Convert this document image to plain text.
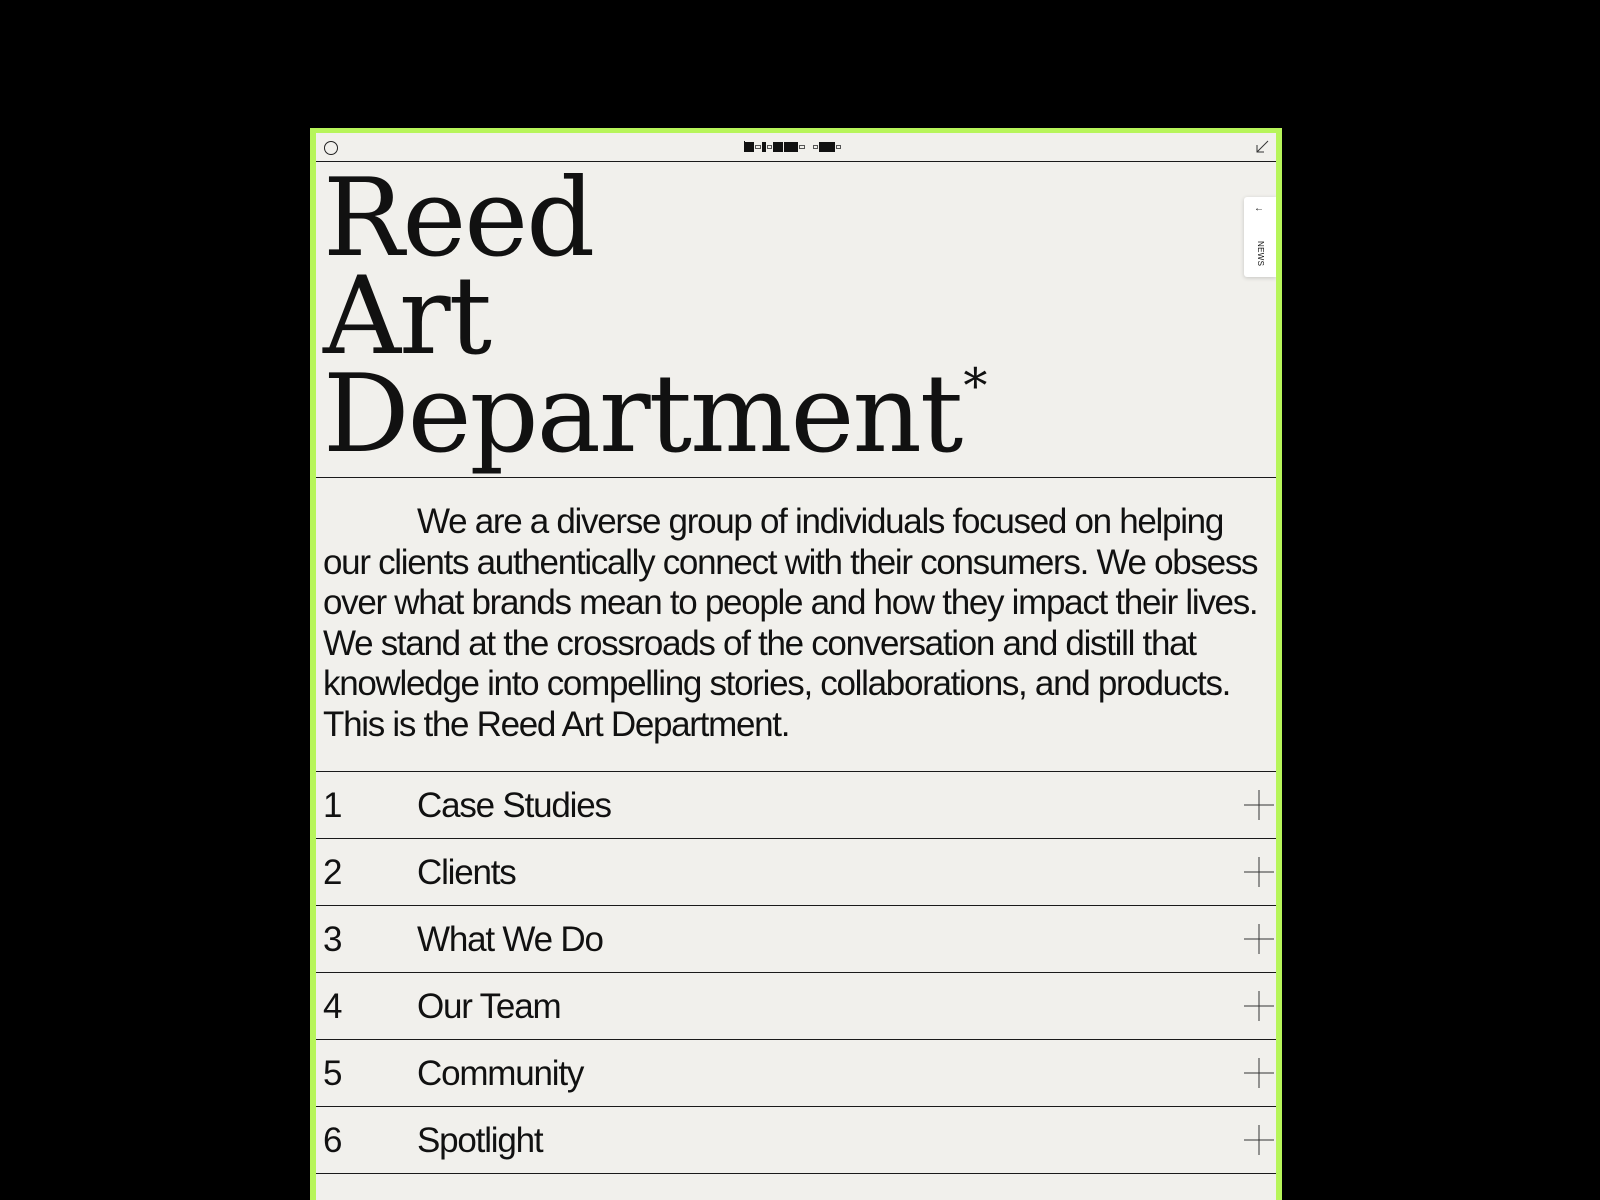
Reed
Art
Department*
←
NEWS

We are a diverse group of individuals focused on helping our clients authentically connect with their consumers. We obsess over what brands mean to people and how they impact their lives. We stand at the crossroads of the conversation and distill that knowledge into compelling stories, collaborations, and products. This is the Reed Art Department.

1 Case Studies
2 Clients
3 What We Do
4 Our Team
5 Community
6 Spotlight
